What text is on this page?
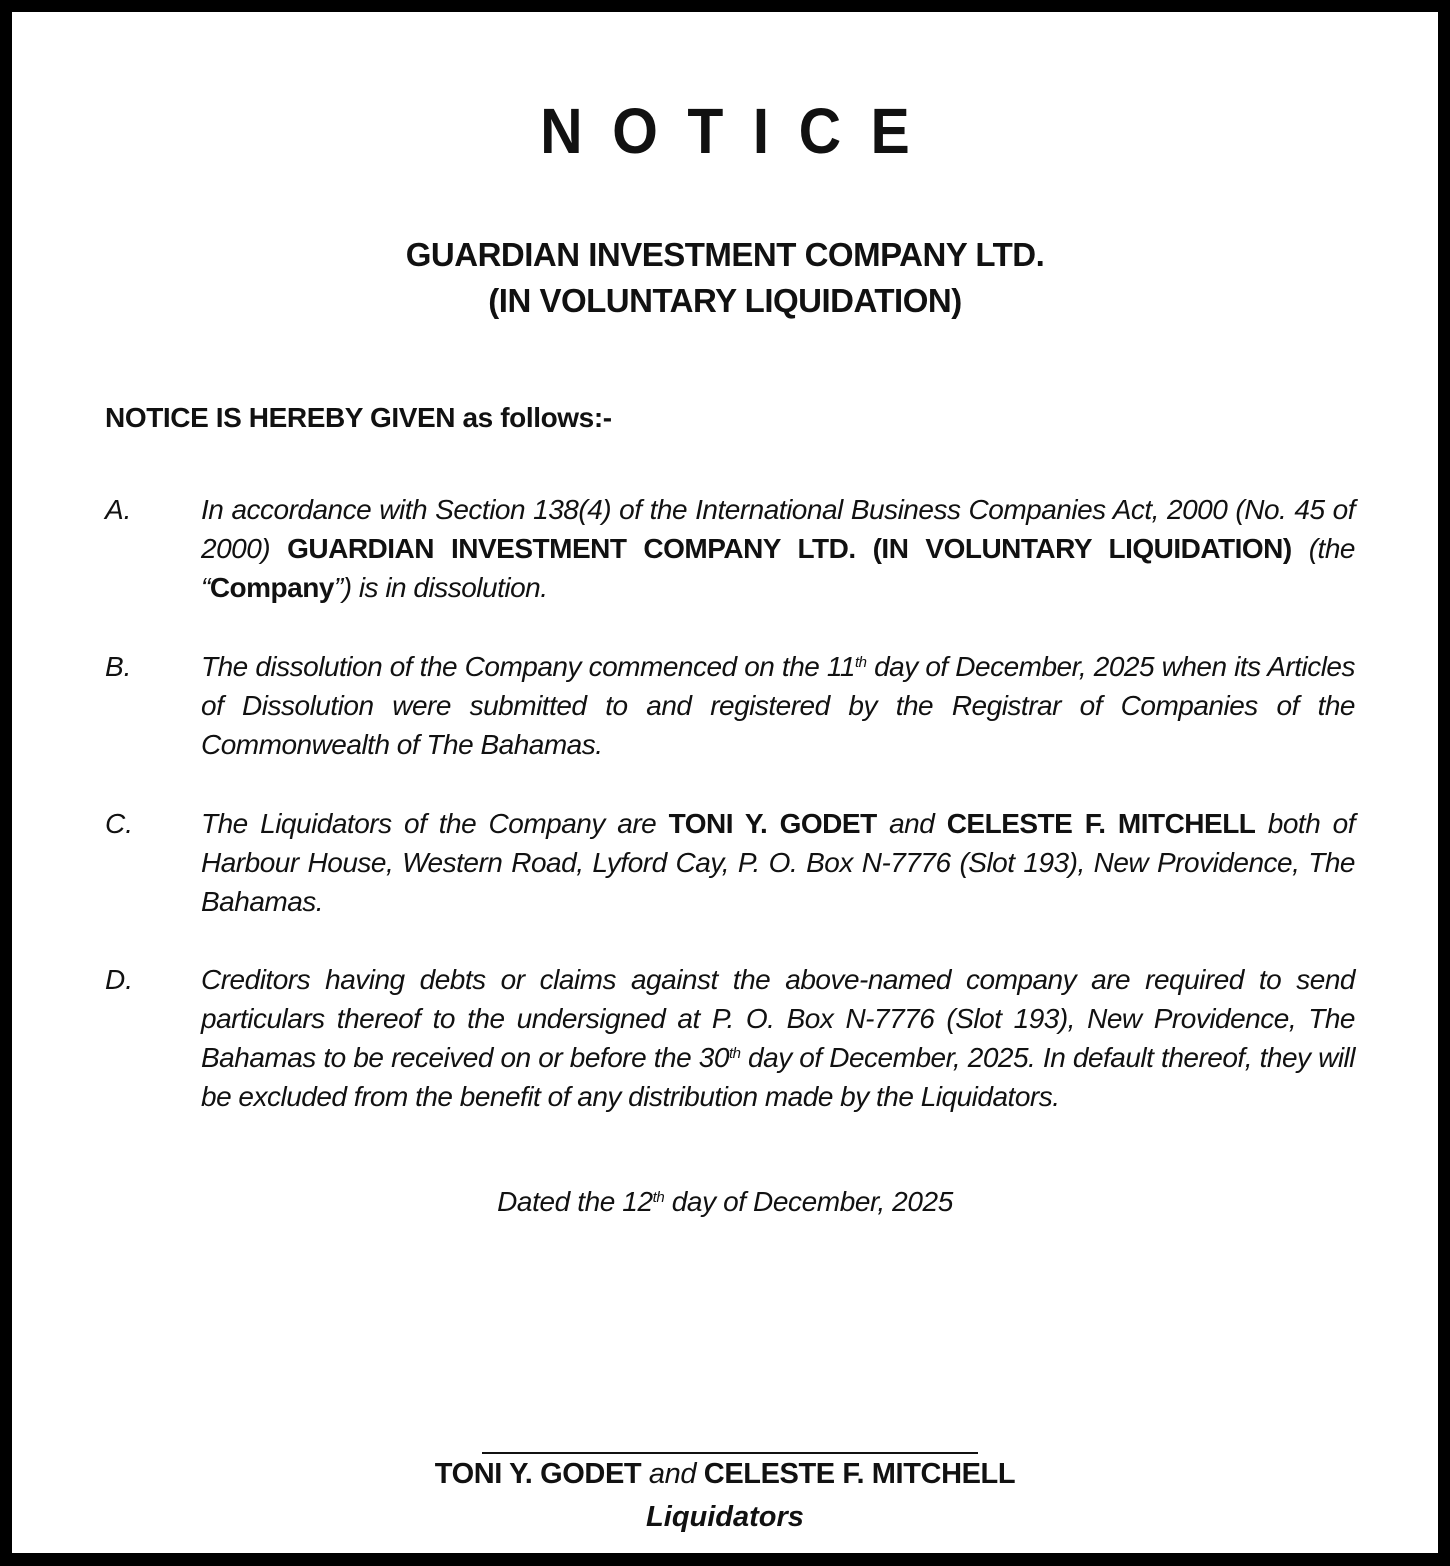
NOTICE
GUARDIAN INVESTMENT COMPANY LTD.
(IN VOLUNTARY LIQUIDATION)
NOTICE IS HEREBY GIVEN as follows:-
A. In accordance with Section 138(4) of the International Business Companies Act, 2000 (No. 45 of 2000) GUARDIAN INVESTMENT COMPANY LTD. (IN VOLUNTARY LIQUIDATION) (the “Company”) is in dissolution.
B. The dissolution of the Company commenced on the 11th day of December, 2025 when its Articles of Dissolution were submitted to and registered by the Registrar of Companies of the Commonwealth of The Bahamas.
C. The Liquidators of the Company are TONI Y. GODET and CELESTE F. MITCHELL both of Harbour House, Western Road, Lyford Cay, P. O. Box N-7776 (Slot 193), New Providence, The Bahamas.
D. Creditors having debts or claims against the above-named company are required to send particulars thereof to the undersigned at P. O. Box N-7776 (Slot 193), New Providence, The Bahamas to be received on or before the 30th day of December, 2025. In default thereof, they will be excluded from the benefit of any distribution made by the Liquidators.
Dated the 12th day of December, 2025
TONI Y. GODET and CELESTE F. MITCHELL
Liquidators
